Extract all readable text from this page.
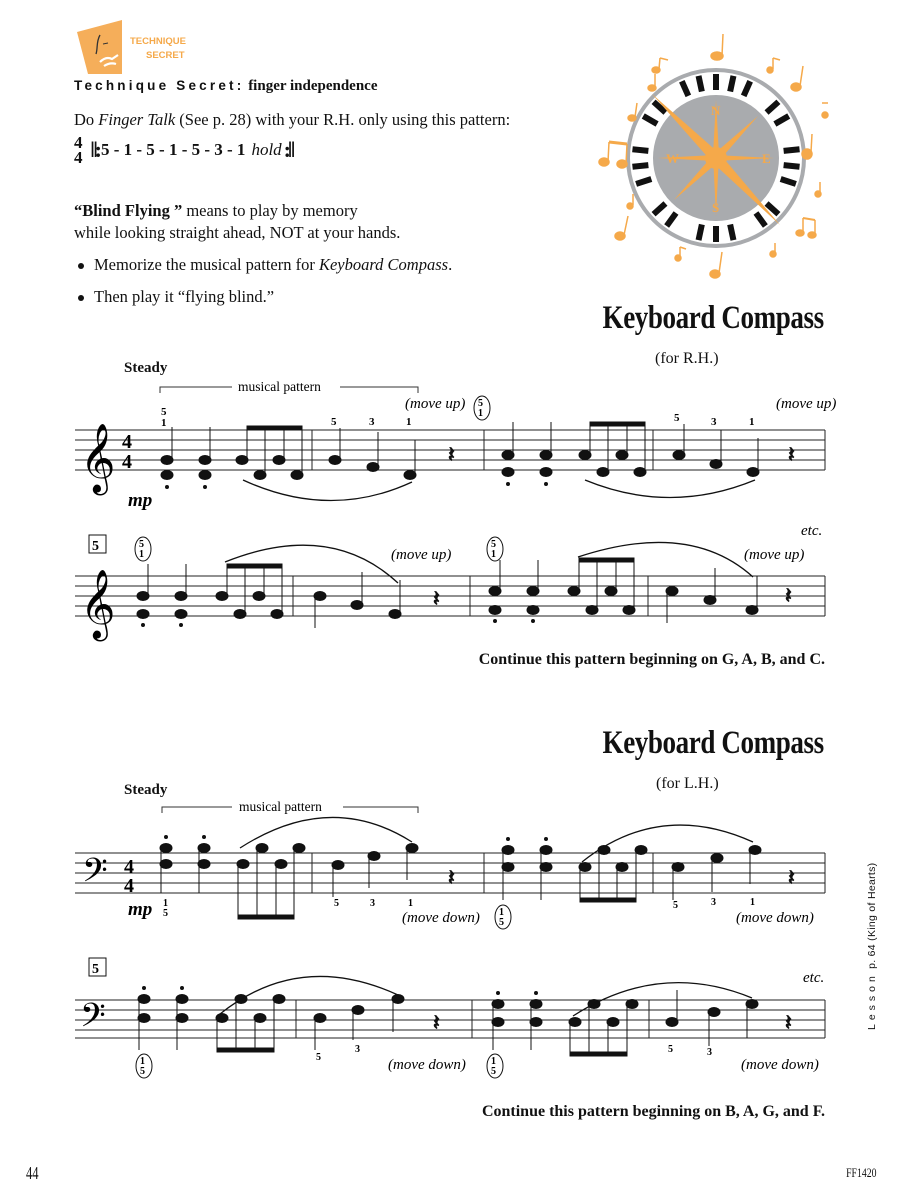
TECHNIQUE
SECRET
Technique Secret: finger independence
Do Finger Talk (See p. 28) with your R.H. only using this pattern:
4
4 ‖: 5 - 1 - 5 - 1 - 5 - 3 - 1 hold :‖
“Blind Flying ” means to play by memory
while looking straight ahead, NOT at your hands.
Memorize the musical pattern for Keyboard Compass.
Then play it “flying blind.”
N
E
S
W
Keyboard Compass
(for R.H.)
Steady
musical pattern
𝄞 4
4	𝄽	𝄽
5
1	5	3	1
5
1	5	3	1
(move up)	(move up)
mp
5
etc.
𝄞	𝄽	𝄽
5
1
5
1
(move up)	(move up)
Continue this pattern beginning on G, A, B, and C.
Keyboard Compass
(for L.H.)
Steady
musical pattern
𝄢 4
4	𝄽	𝄽
1
5
5	3	1
1
5
5	3	1
(move down)	(move down)
mp
5
etc.
𝄢	𝄽	𝄽
1
5
5
3
1
5
5	3
(move down)	(move down)
Continue this pattern beginning on B, A, G, and F.
Lesson p. 64 (King of Hearts)
44	FF1420
